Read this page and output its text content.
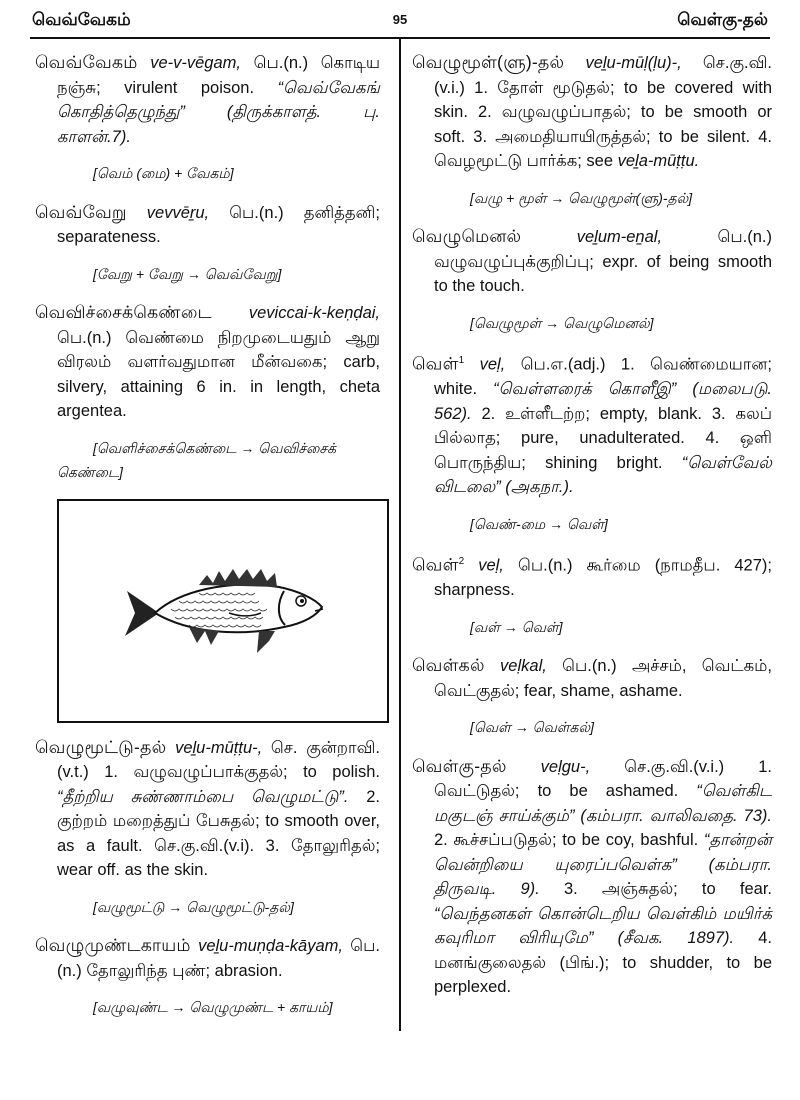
வெவ்வேகம்	95	வெள்கு-தல்

வெவ்வேகம் ve-v-vēgam, பெ.(n.) கொடிய நஞ்சு; virulent poison. “வெவ்வேகங் கொதித்தெழுந்து” (திருக்காளத். பு. காளன்.7).

[வெம் (மை) + வேகம்]

வெவ்வேறு vevvēṟu, பெ.(n.) தனித்தனி; separateness.

[வேறு + வேறு → வெவ்வேறு]

வெவிச்சைக்கெண்டை veviccai-k-keṇḍai, பெ.(n.) வெண்மை நிறமுடையதும் ஆறு விரலம் வளர்வதுமான மீன்வகை; carb, silvery, attaining 6 in. in length, cheta argentea.

[வெளிச்சைக்கெண்டை → வெவிச்சைக் கெண்டை]

வெழுமூட்டு-தல் veḻu-mūṭṭu-, செ. குன்றாவி.(v.t.) 1. வழுவழுப்பாக்குதல்; to polish. “தீற்றிய சுண்ணாம்பை வெழுமட்டு”. 2. குற்றம் மறைத்துப் பேசுதல்; to smooth over, as a fault. செ.கு.வி.(v.i). 3. தோலுரிதல்; wear off. as the skin.

[வழுமூட்டு → வெழுமூட்டு-தல்]

வெழுமுண்டகாயம் veḻu-muṇḍa-kāyam, பெ.(n.) தோலுரிந்த புண்; abrasion.

[வழுவுண்ட → வெழுமுண்ட + காயம்]

வெழுமூள்(ளு)-தல் veḻu-mūḷ(ḷu)-, செ.கு.வி. (v.i.) 1. தோள் மூடுதல்; to be covered with skin. 2. வழுவழுப்பாதல்; to be smooth or soft. 3. அமைதியாயிருத்தல்; to be silent. 4. வெழமூட்டு பார்க்க; see veḻa-mūṭṭu.

[வழு + மூள் → வெழுமூள்(ளு)-தல்]

வெழுமெனல்	veḻum-eṉal, பெ.(n.) வழுவழுப்புக்குறிப்பு; expr. of being smooth to the touch.

[வெழுமூள் → வெழுமெனல்]

வெள்$^1$ veḷ, பெ.எ.(adj.) 1. வெண்மையான; white. “வெள்ளரைக் கொளீஇ” (மலைபடு. 562). 2. உள்ளீடற்ற; empty, blank. 3. கலப் பில்லாத; pure, unadulterated. 4. ஒளி பொருந்திய; shining bright. “வெள்வேல் விடலை” (அகநா.).

[வெண்-மை → வெள்]

வெள்$^2$ veḷ, பெ.(n.) கூர்மை (நாமதீப. 427); sharpness.

[வள் → வெள்]

வெள்கல் veḷkal, பெ.(n.) அச்சம், வெட்கம், வெட்குதல்; fear, shame, ashame.

[வெள் → வெள்கல்]

வெள்கு-தல் veḷgu-, செ.கு.வி.(v.i.) 1. வெட்டுதல்; to be ashamed. “வெள்கிட மகுடஞ் சாய்க்கும்” (கம்பரா. வாலிவதை. 73). 2. கூச்சப்படுதல்; to be coy, bashful. “தான்றன் வென்றியை யுரைப்பவெள்க” (கம்பரா. திருவடி. 9). 3. அஞ்சுதல்; to fear. “வெந்தனகள் கொன்டெறிய வெள்கிம் மயிர்க் கவுரிமா விரியுமே” (சீவக. 1897). 4. மனங்குலைதல் (பிங்.); to shudder, to be perplexed.
